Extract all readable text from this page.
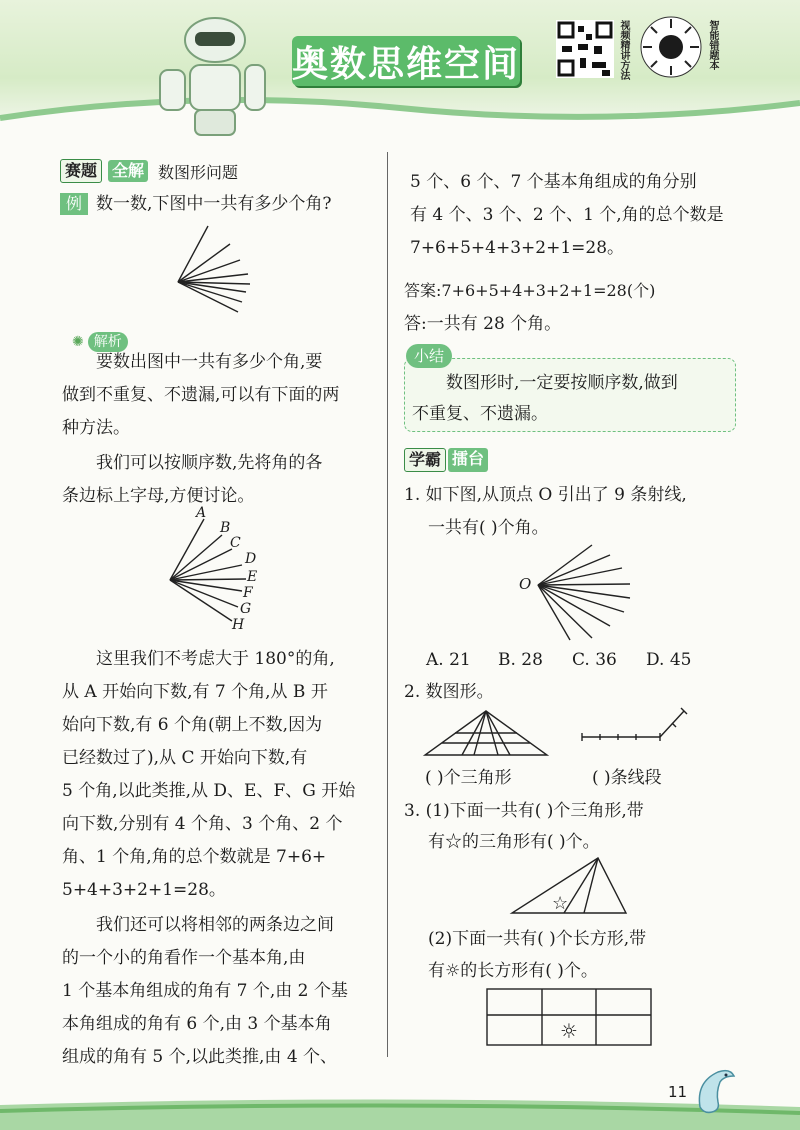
奥数思维空间	视频精讲方法	智能错题本
赛题 全解 数图形问题
例 数一数,下图中一共有多少个角?
✺ 解析
要数出图中一共有多少个角,要
做到不重复、不遗漏,可以有下面的两
种方法。
我们可以按顺序数,先将角的各
条边标上字母,方便讨论。
A
B
C
D
E
F
G
H
这里我们不考虑大于 180°的角,
从 A 开始向下数,有 7 个角,从 B 开
始向下数,有 6 个角(朝上不数,因为
已经数过了),从 C 开始向下数,有
5 个角,以此类推,从 D、E、F、G 开始
向下数,分别有 4 个角、3 个角、2 个
角、1 个角,角的总个数就是 7+6+
5+4+3+2+1=28。
我们还可以将相邻的两条边之间
的一个小的角看作一个基本角,由
1 个基本角组成的角有 7 个,由 2 个基
本角组成的角有 6 个,由 3 个基本角
组成的角有 5 个,以此类推,由 4 个、
5 个、6 个、7 个基本角组成的角分别
有 4 个、3 个、2 个、1 个,角的总个数是
7+6+5+4+3+2+1=28。
答案:7+6+5+4+3+2+1=28(个)
答:一共有 28 个角。
小结
数图形时,一定要按顺序数,做到
不重复、不遗漏。
学霸 擂台
1. 如下图,从顶点 O 引出了 9 条射线,
一共有( )个角。
O
A. 21 B. 28 C. 36 D. 45
2. 数图形。
( )个三角形	( )条线段
3. (1)下面一共有( )个三角形,带
有☆的三角形有( )个。
☆
(2)下面一共有( )个长方形,带
有☼的长方形有( )个。
☼
11
